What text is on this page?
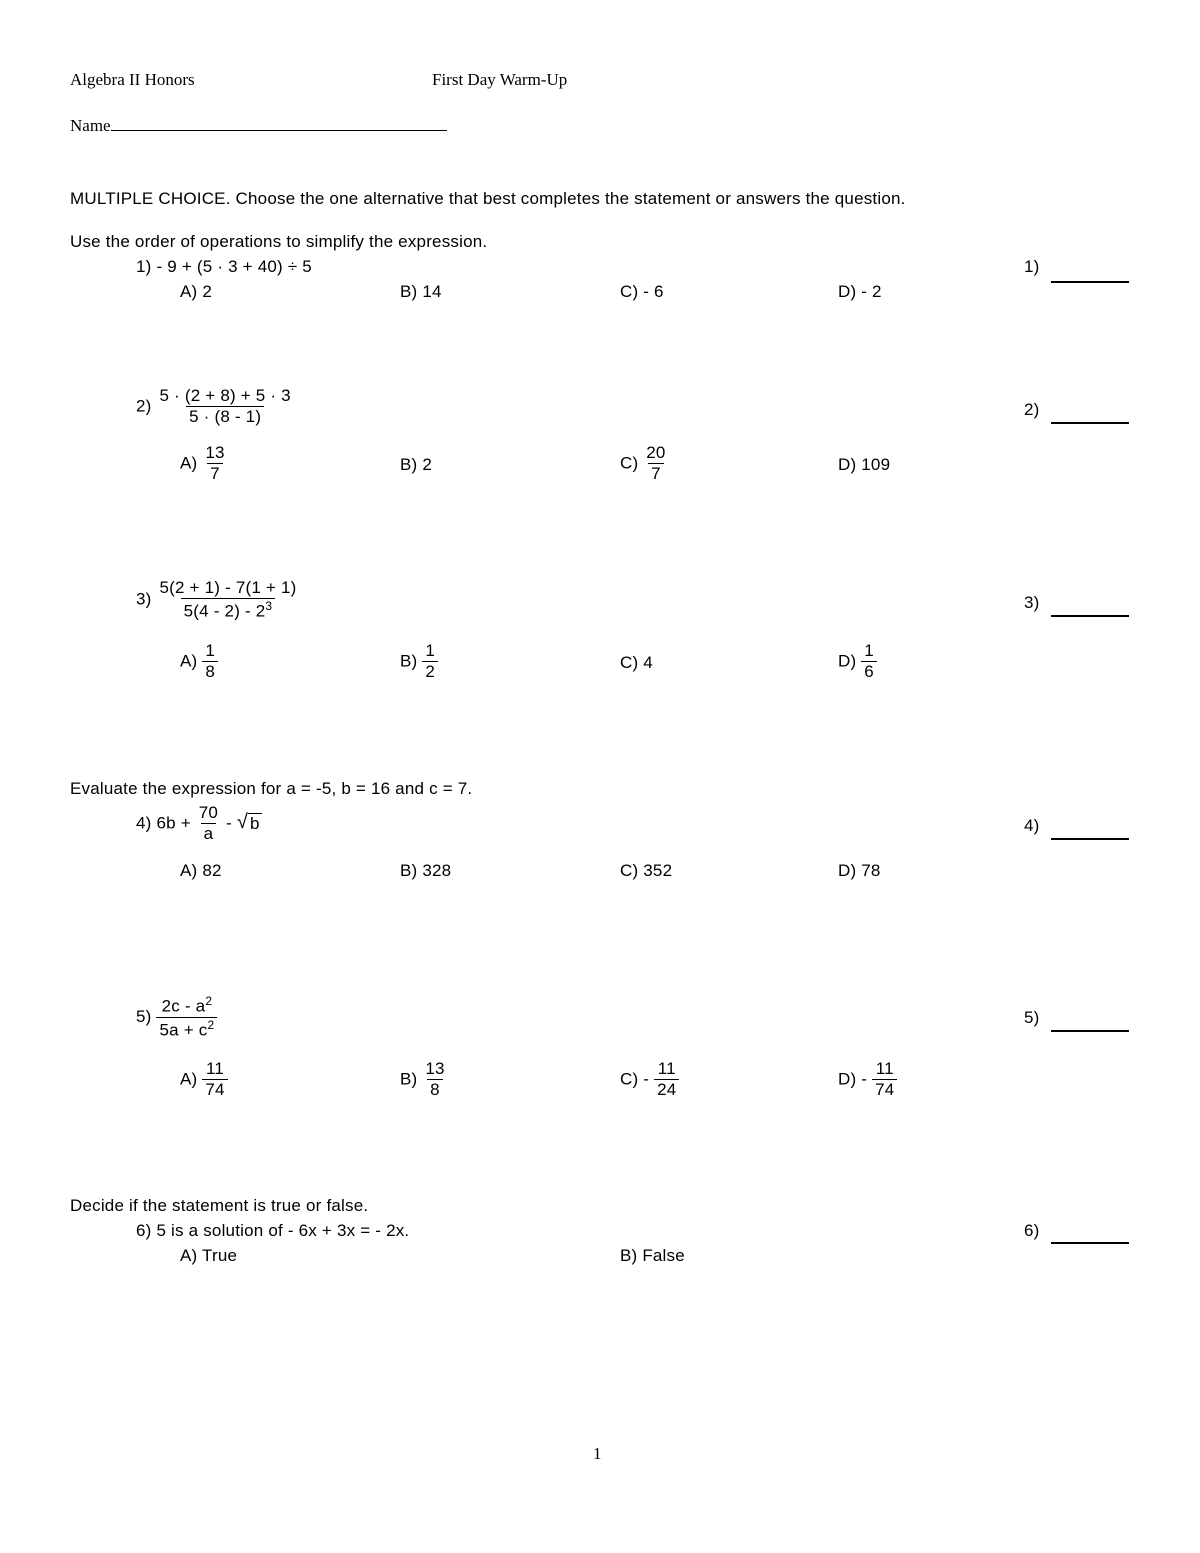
Algebra II Honors	First Day Warm-Up
Name
MULTIPLE CHOICE. Choose the one alternative that best completes the statement or answers the question.
Use the order of operations to simplify the expression.
1) - 9 + (5 · 3 + 40) ÷ 5	1)
A) 2	B) 14	C) - 6	D) - 2
$2) \frac{5 \cdot (2 + 8) + 5 \cdot 3}{5 \cdot (8 - 1)}$	2)
$A) \frac{13}{7}$	B) 2	$C) \frac{20}{7}$	D) 109
$3) \frac{5(2 + 1) - 7(1 + 1)}{5(4 - 2) - 2^3}$	3)
$A) \frac{1}{8}$	$B) \frac{1}{2}$	C) 4	$D) \frac{1}{6}$
Evaluate the expression for a = -5, b = 16 and c = 7.
4) $6b + \frac{70}{a}$ - √ b	4)
A) 82	B) 328	C) 352	D) 78
$5) \frac{2c - a^2}{5a + c^2}$	5)
$A) \frac{11}{74}$	$B) \frac{13}{8}$	$C) - \frac{11}{24}$	$D) - \frac{11}{74}$
Decide if the statement is true or false.
6) 5 is a solution of - 6x + 3x = - 2x.	6)
A) True	B) False
1
